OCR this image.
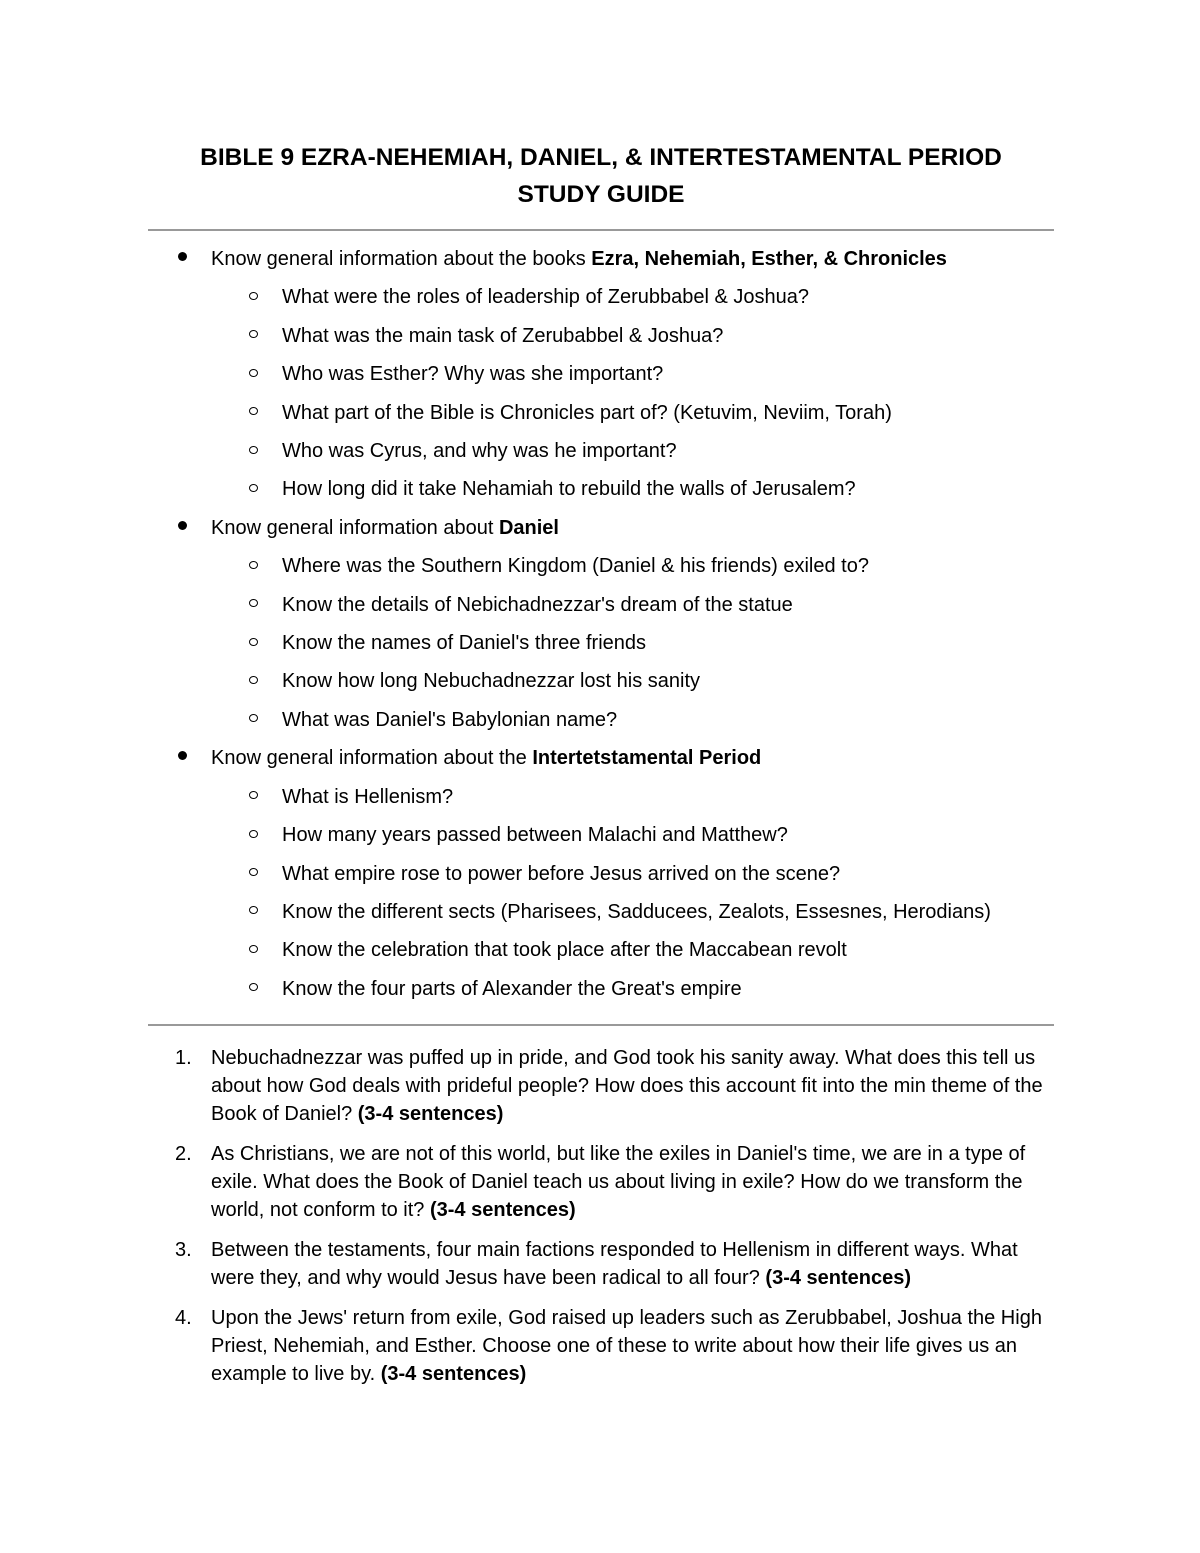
BIBLE 9 EZRA-NEHEMIAH, DANIEL, & INTERTESTAMENTAL PERIOD
STUDY GUIDE
Know general information about the books Ezra, Nehemiah, Esther, & Chronicles
What were the roles of leadership of Zerubbabel & Joshua?
What was the main task of Zerubabbel & Joshua?
Who was Esther? Why was she important?
What part of the Bible is Chronicles part of? (Ketuvim, Neviim, Torah)
Who was Cyrus, and why was he important?
How long did it take Nehamiah to rebuild the walls of Jerusalem?
Know general information about Daniel
Where was the Southern Kingdom (Daniel & his friends) exiled to?
Know the details of Nebichadnezzar's dream of the statue
Know the names of Daniel's three friends
Know how long Nebuchadnezzar lost his sanity
What was Daniel's Babylonian name?
Know general information about the Intertetstamental Period
What is Hellenism?
How many years passed between Malachi and Matthew?
What empire rose to power before Jesus arrived on the scene?
Know the different sects (Pharisees, Sadducees, Zealots, Essesnes, Herodians)
Know the celebration that took place after the Maccabean revolt
Know the four parts of Alexander the Great's empire
1. Nebuchadnezzar was puffed up in pride, and God took his sanity away. What does this tell us about how God deals with prideful people? How does this account fit into the min theme of the Book of Daniel? (3-4 sentences)
2. As Christians, we are not of this world, but like the exiles in Daniel's time, we are in a type of exile. What does the Book of Daniel teach us about living in exile? How do we transform the world, not conform to it? (3-4 sentences)
3. Between the testaments, four main factions responded to Hellenism in different ways. What were they, and why would Jesus have been radical to all four? (3-4 sentences)
4. Upon the Jews' return from exile, God raised up leaders such as Zerubbabel, Joshua the High Priest, Nehemiah, and Esther. Choose one of these to write about how their life gives us an example to live by. (3-4 sentences)
